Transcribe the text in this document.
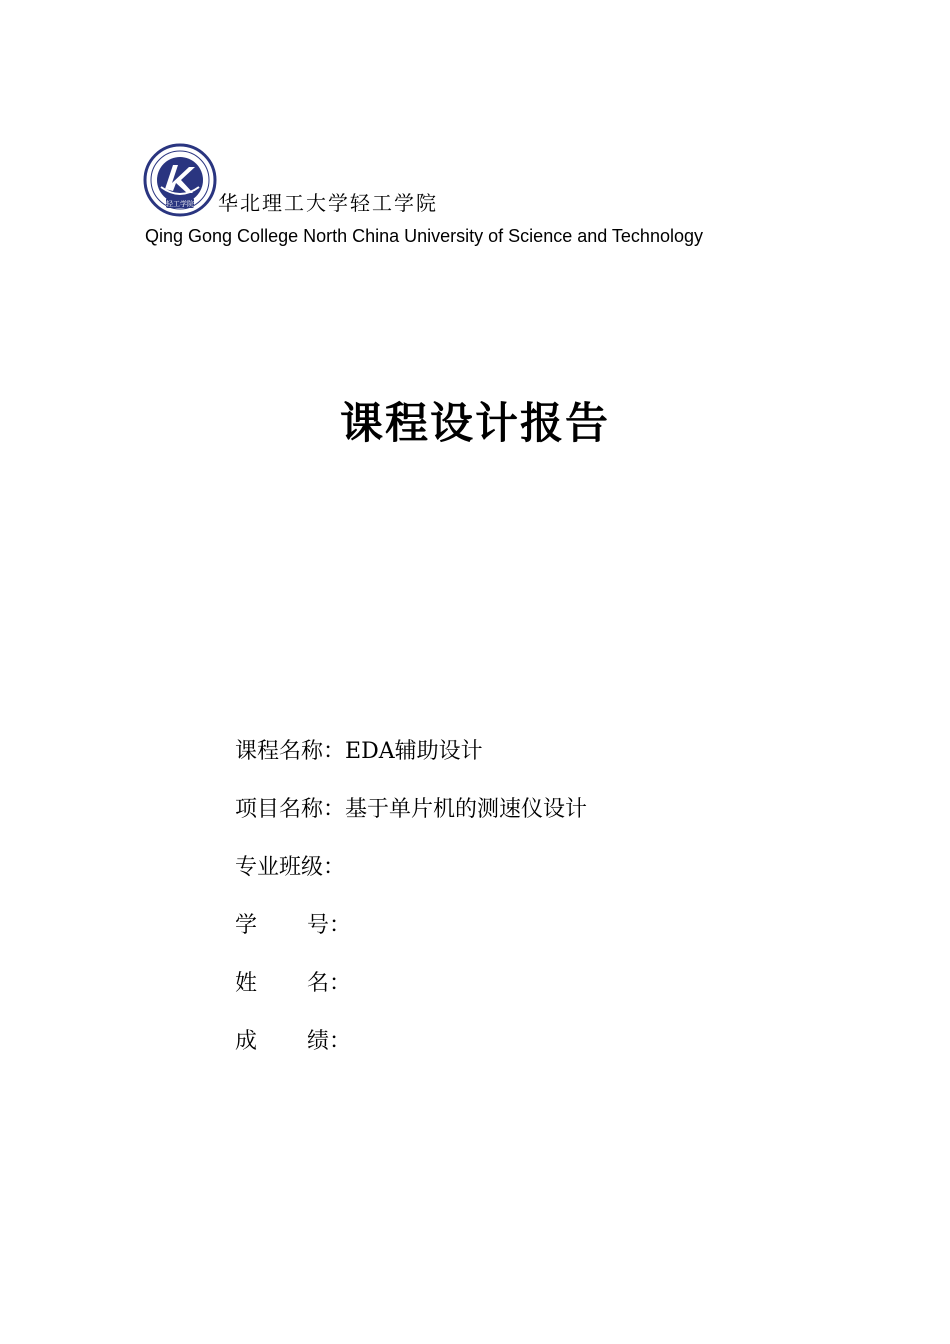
轻工学院 华北理工大学轻工学院
Qing Gong College North China University of Science and Technology
课程设计报告
课程名称： EDA辅助设计
项目名称： 基于单片机的测速仪设计
专业班级：
学 号：
姓 名：
成 绩：
